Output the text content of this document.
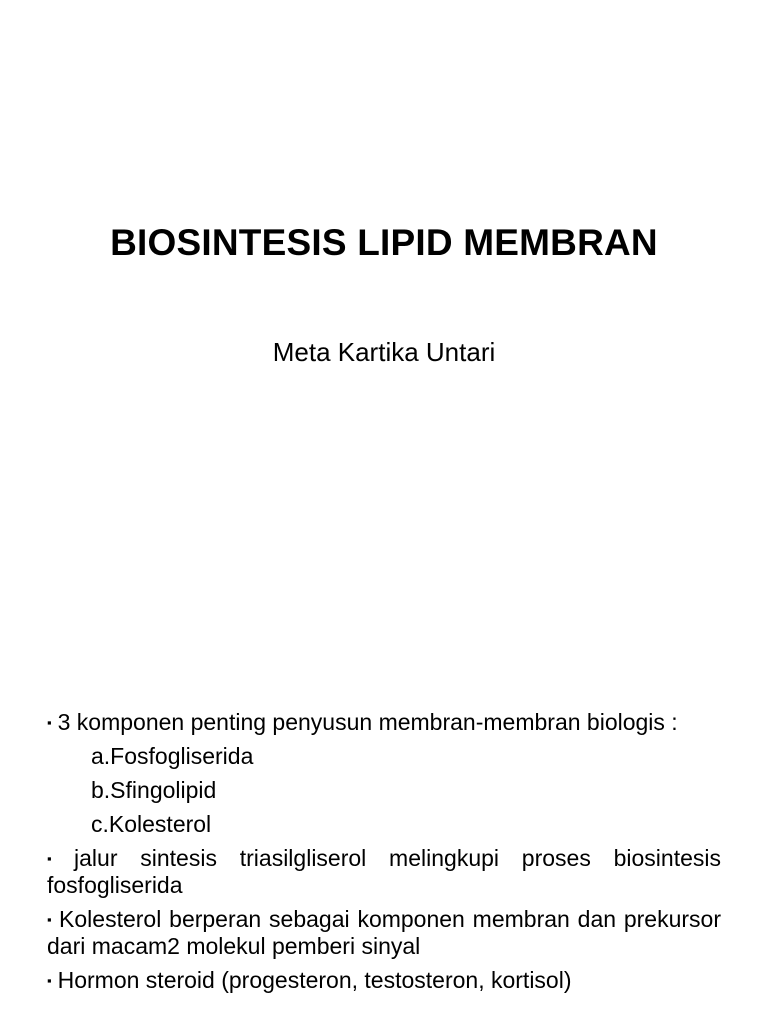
BIOSINTESIS LIPID MEMBRAN

Meta Kartika Untari

▪ 3 komponen penting penyusun membran-membran biologis :

a.Fosfogliserida

b.Sfingolipid

c.Kolesterol

▪ jalur sintesis triasilgliserol melingkupi proses biosintesis fosfogliserida

▪ Kolesterol berperan sebagai komponen membran dan prekursor dari macam2 molekul pemberi sinyal

▪ Hormon steroid (progesteron, testosteron, kortisol)
